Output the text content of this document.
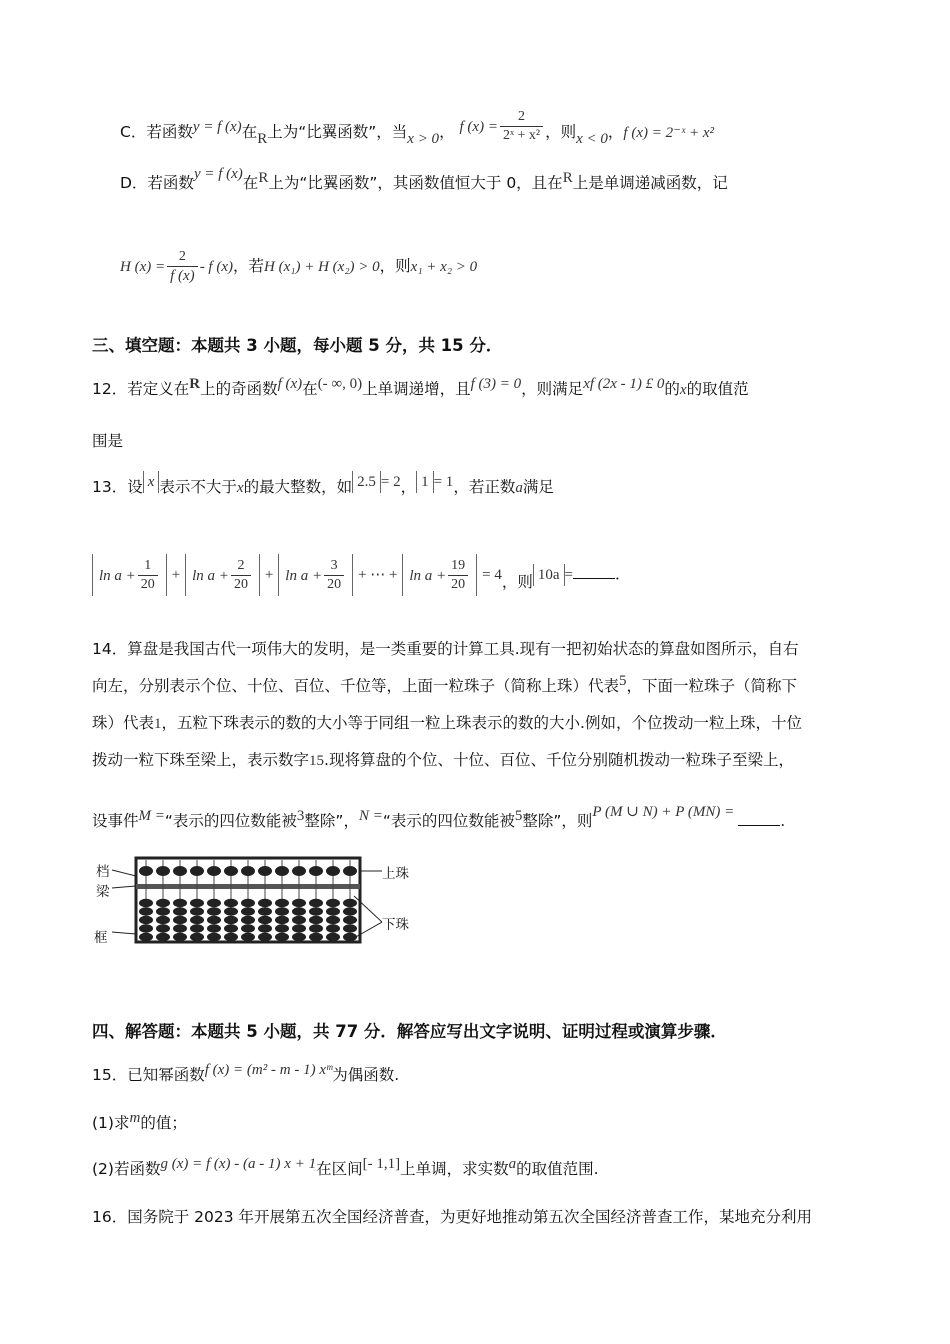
C．若函数y = f (x)在R上为“比翼函数”，当x > 0， f $(x) = \frac{2}{\text{2ˣ + x²}}$ ，则x < 0，f (x) = 2⁻ˣ + x²
D．若函数y = f (x)在R上为“比翼函数”，其函数值恒大于 0，且在R上是单调递减函数，记
H $(x) = \frac{2}{f (x)} - f$ (x)，若H (x₁) + H (x₂) > 0，则x₁ + x₂ > 0
三、填空题：本题共 3 小题，每小题 5 分，共 15 分．
12．若定义在R上的奇函数f (x)在(- ∞, 0)上单调递增，且f (3) = 0，则满足xf (2x - 1) £ 0的x的取值范
围是
13．设 x 表示不大于x的最大整数，如 2.5 = 2， 1 = 1，若正数a满足
$\ln a + \frac{1}{20} + \ln a + \frac{2}{20} + \ln a + \frac{3}{20}$ + ⋯ + $\ln a + \frac{19}{20} = 4$，则 10a =	．
14．算盘是我国古代一项伟大的发明，是一类重要的计算工具.现有一把初始状态的算盘如图所示，自右
向左，分别表示个位、十位、百位、千位等，上面一粒珠子（简称上珠）代表5，下面一粒珠子（简称下
珠）代表1，五粒下珠表示的数的大小等于同组一粒上珠表示的数的大小.例如，个位拨动一粒上珠，十位
拨动一粒下珠至梁上，表示数字15.现将算盘的个位、十位、百位、千位分别随机拨动一粒珠子至梁上，
设事件M =“表示的四位数能被3整除”，N =“表示的四位数能被5整除”，则P (M ∪ N) + P (MN) =	.
档
梁
框
上珠
下珠
四、解答题：本题共 5 小题，共 77 分．解答应写出文字说明、证明过程或演算步骤．
15．已知幂函数f (x) = (m² - m - 1) xᵐ为偶函数.
(1)求m的值；
(2)若函数g (x) = f (x) - (a - 1) x + 1在区间[- 1,1]上单调，求实数a的取值范围.
16．国务院于 2023 年开展第五次全国经济普查，为更好地推动第五次全国经济普查工作，某地充分利用
